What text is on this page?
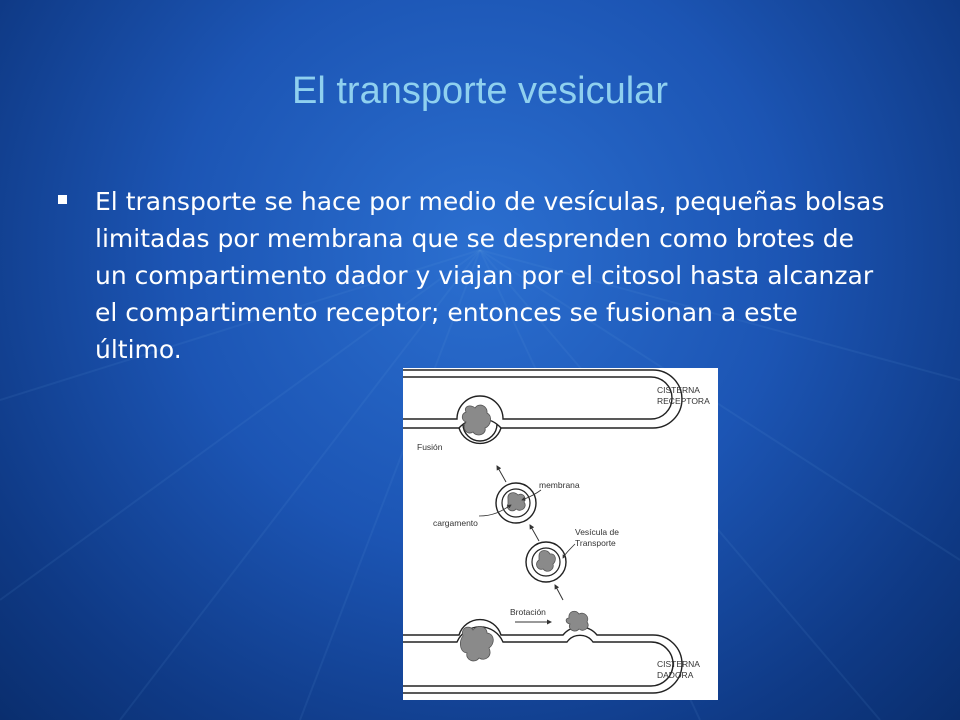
El transporte vesicular
El transporte se hace por medio de vesículas, pequeñas bolsas limitadas por membrana que se desprenden como brotes de un compartimento dador y viajan por el citosol hasta alcanzar el compartimento receptor; entonces se fusionan a este último.
CISTERNA
RECEPTORA
Fusión
membrana
cargamento
Vesícula de
Transporte
Brotación
CISTERNA
DADORA
